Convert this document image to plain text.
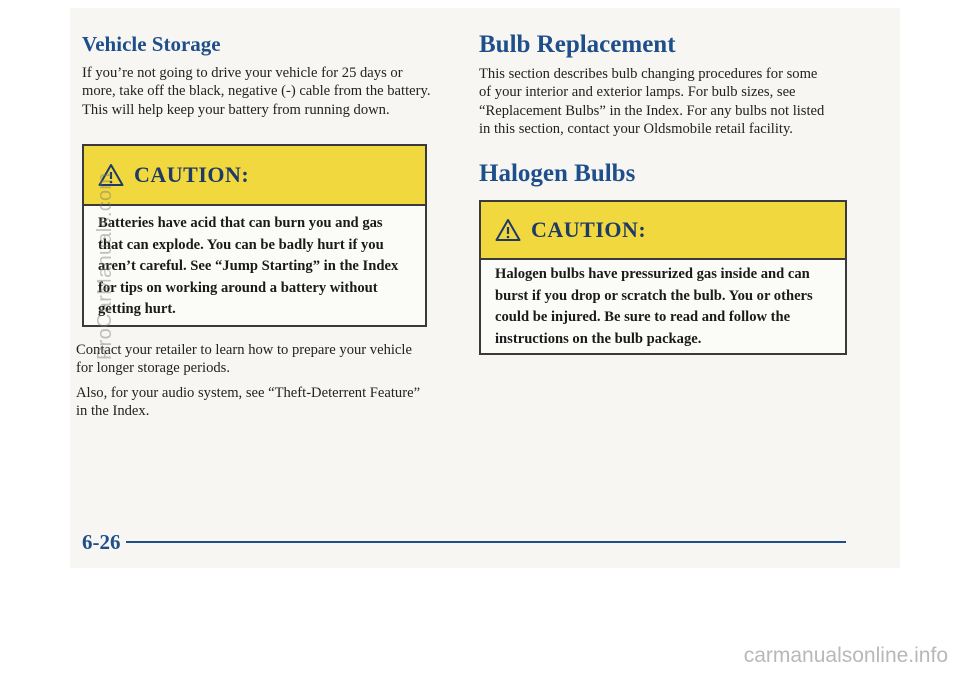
Vehicle Storage

If you’re not going to drive your vehicle for 25 days or more, take off the black, negative (-) cable from the battery. This will help keep your battery from running down.

CAUTION:

Batteries have acid that can burn you and gas that can explode. You can be badly hurt if you aren’t careful. See “Jump Starting” in the Index for tips on working around a battery without getting hurt.

Contact your retailer to learn how to prepare your vehicle for longer storage periods.

Also, for your audio system, see “Theft-Deterrent Feature” in the Index.

Bulb Replacement

This section describes bulb changing procedures for some of your interior and exterior lamps. For bulb sizes, see “Replacement Bulbs” in the Index. For any bulbs not listed in this section, contact your Oldsmobile retail facility.

Halogen Bulbs
CAUTION:

Halogen bulbs have pressurized gas inside and can burst if you drop or scratch the bulb. You or others could be injured. Be sure to read and follow the instructions on the bulb package.

6-26
ProCarManuals.com
carmanualsonline.info
